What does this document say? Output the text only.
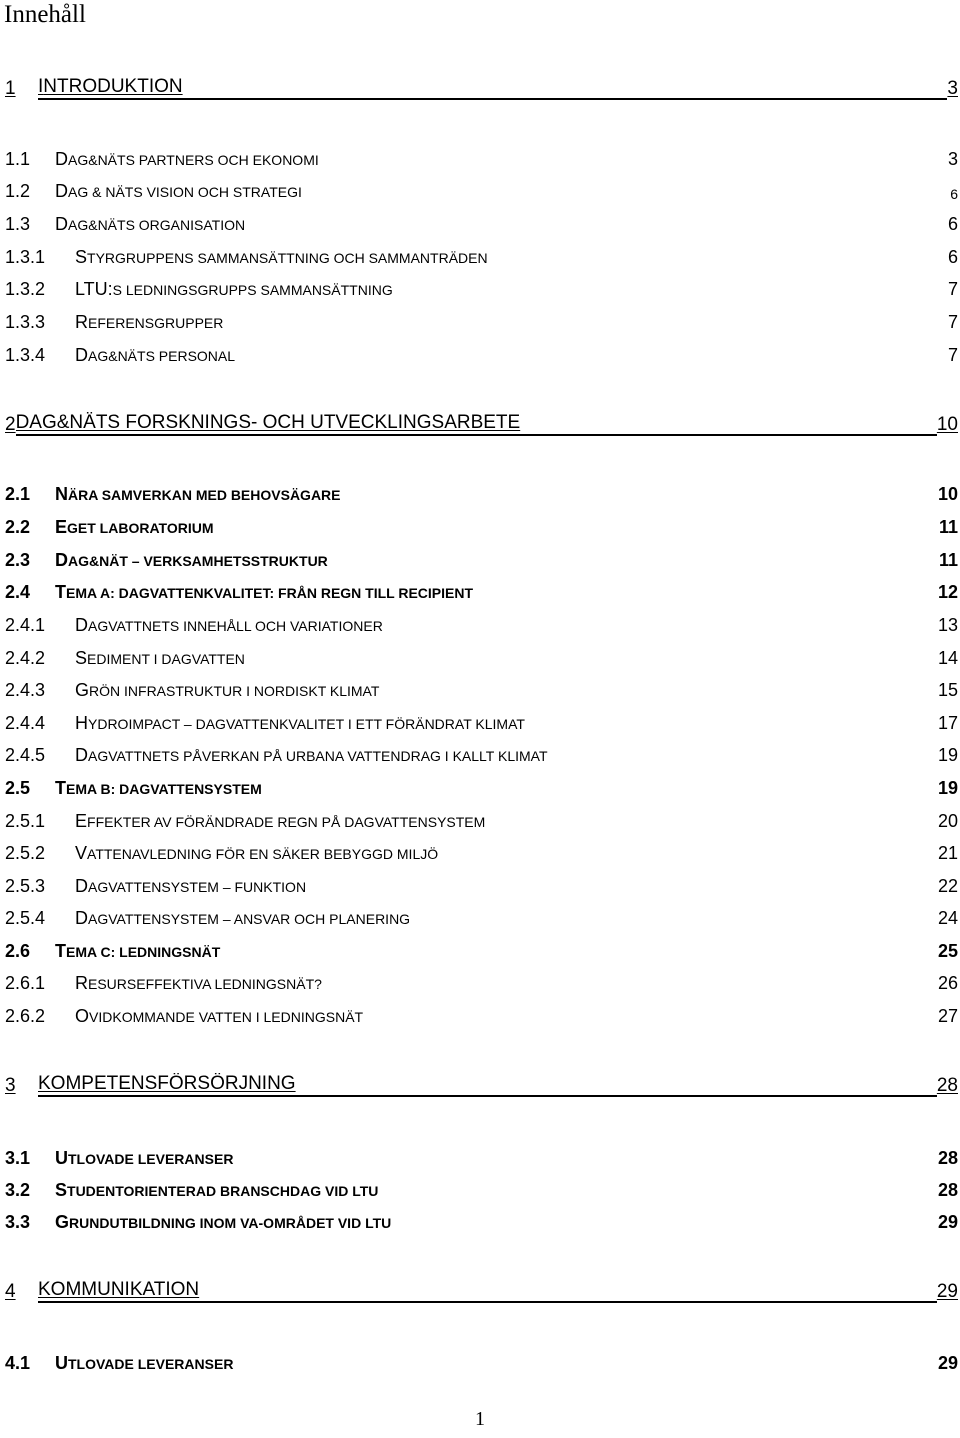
Innehåll
1	INTRODUKTION	3
1.1	DAG&NÄTS PARTNERS OCH EKONOMI	3
1.2	DAG & NÄTS VISION OCH STRATEGI	6
1.3	DAG&NÄTS ORGANISATION	6
1.3.1	STYRGRUPPENS SAMMANSÄTTNING OCH SAMMANTRÄDEN	6
1.3.2	LTU:S LEDNINGSGRUPPS SAMMANSÄTTNING	7
1.3.3	REFERENSGRUPPER	7
1.3.4	DAG&NÄTS PERSONAL	7
2 DAG&NÄTS FORSKNINGS- OCH UTVECKLINGSARBETE	10
2.1	NÄRA SAMVERKAN MED BEHOVSÄGARE	10
2.2	EGET LABORATORIUM	11
2.3	DAG&NÄT – VERKSAMHETSSTRUKTUR	11
2.4	TEMA A: DAGVATTENKVALITET: FRÅN REGN TILL RECIPIENT	12
2.4.1	DAGVATTNETS INNEHÅLL OCH VARIATIONER	13
2.4.2	SEDIMENT I DAGVATTEN	14
2.4.3	GRÖN INFRASTRUKTUR I NORDISKT KLIMAT	15
2.4.4	HYDROIMPACT – DAGVATTENKVALITET I ETT FÖRÄNDRAT KLIMAT	17
2.4.5	DAGVATTNETS PÅVERKAN PÅ URBANA VATTENDRAG I KALLT KLIMAT	19
2.5	TEMA B: DAGVATTENSYSTEM	19
2.5.1	EFFEKTER AV FÖRÄNDRADE REGN PÅ DAGVATTENSYSTEM	20
2.5.2	VATTENAVLEDNING FÖR EN SÄKER BEBYGGD MILJÖ	21
2.5.3	DAGVATTENSYSTEM – FUNKTION	22
2.5.4	DAGVATTENSYSTEM – ANSVAR OCH PLANERING	24
2.6	TEMA C: LEDNINGSNÄT	25
2.6.1	RESURSEFFEKTIVA LEDNINGSNÄT?	26
2.6.2	OVIDKOMMANDE VATTEN I LEDNINGSNÄT	27
3	KOMPETENSFÖRSÖRJNING	28
3.1	UTLOVADE LEVERANSER	28
3.2	STUDENTORIENTERAD BRANSCHDAG VID LTU	28
3.3	GRUNDUTBILDNING INOM VA-OMRÅDET VID LTU	29
4	KOMMUNIKATION	29
4.1	UTLOVADE LEVERANSER	29
1
